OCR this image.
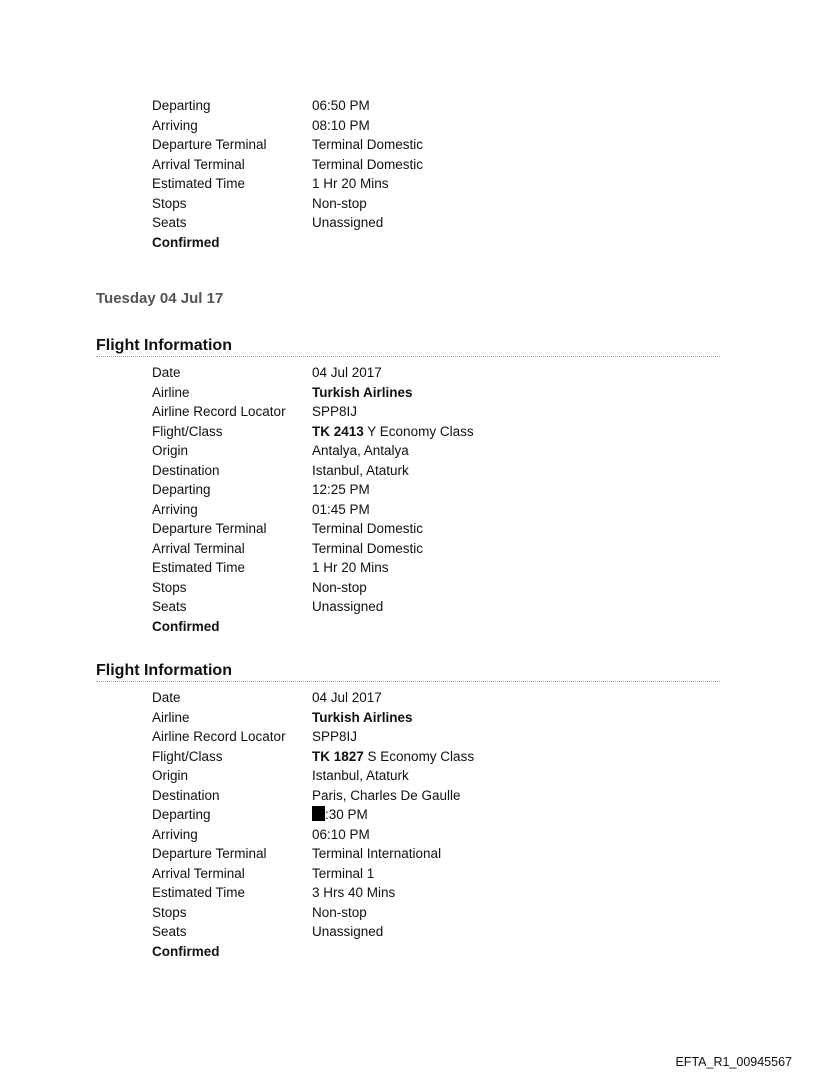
Departing	06:50 PM
Arriving	08:10 PM
Departure Terminal	Terminal Domestic
Arrival Terminal	Terminal Domestic
Estimated Time	1 Hr 20 Mins
Stops	Non-stop
Seats	Unassigned
Confirmed
Tuesday 04 Jul 17
Flight Information
Date	04 Jul 2017
Airline	Turkish Airlines
Airline Record Locator	SPP8IJ
Flight/Class	TK 2413 Y Economy Class
Origin	Antalya, Antalya
Destination	Istanbul, Ataturk
Departing	12:25 PM
Arriving	01:45 PM
Departure Terminal	Terminal Domestic
Arrival Terminal	Terminal Domestic
Estimated Time	1 Hr 20 Mins
Stops	Non-stop
Seats	Unassigned
Confirmed
Flight Information
Date	04 Jul 2017
Airline	Turkish Airlines
Airline Record Locator	SPP8IJ
Flight/Class	TK 1827 S Economy Class
Origin	Istanbul, Ataturk
Destination	Paris, Charles De Gaulle
Departing	:30 PM
Arriving	06:10 PM
Departure Terminal	Terminal International
Arrival Terminal	Terminal 1
Estimated Time	3 Hrs 40 Mins
Stops	Non-stop
Seats	Unassigned
Confirmed
EFTA_R1_00945567
